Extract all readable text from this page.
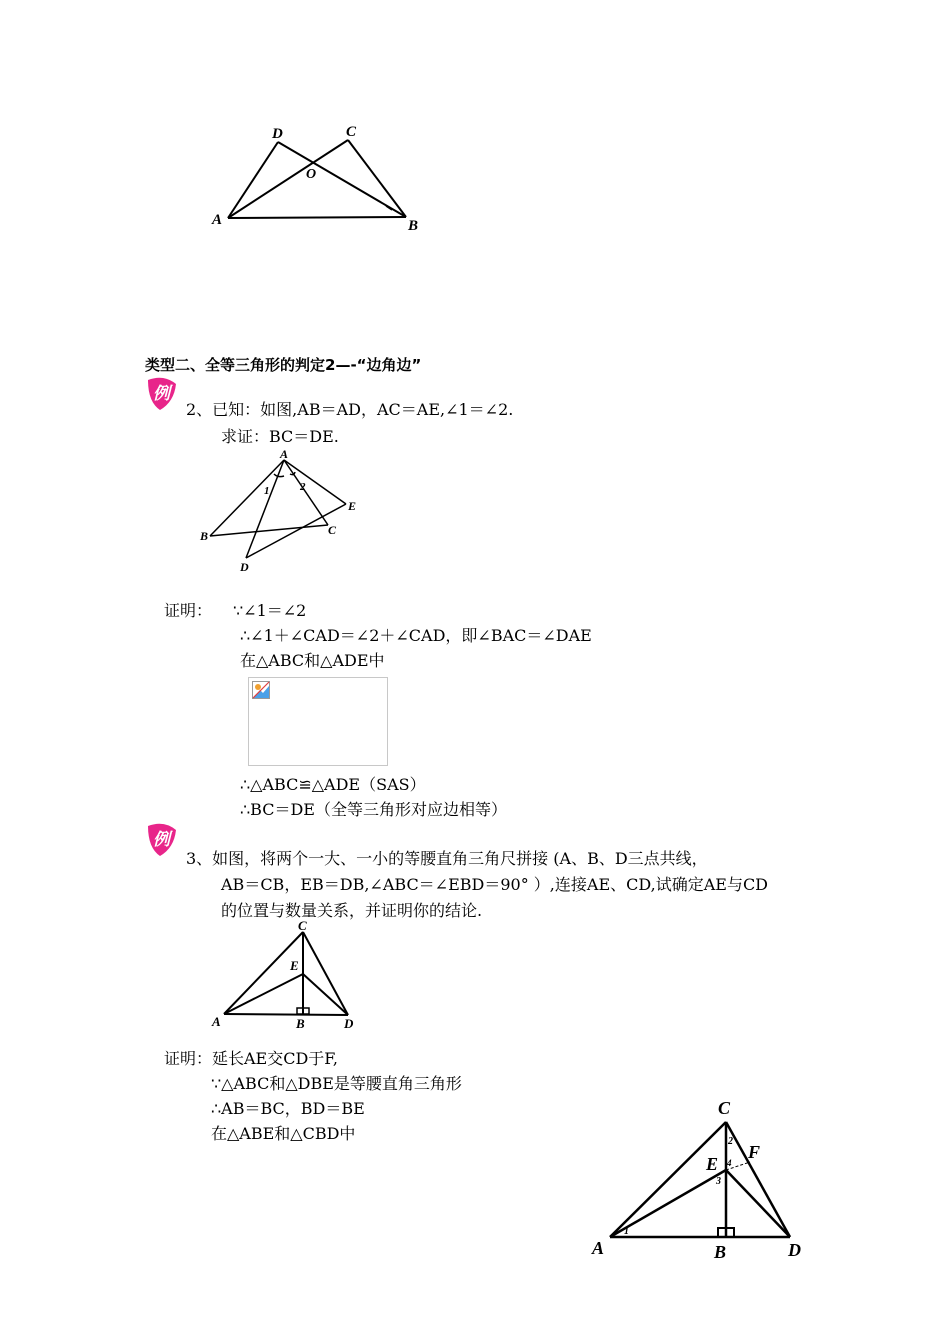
A	B
C
D
O
类型二、全等三角形的判定2—-“边角边”
例
2、已知：如图,AB＝AD，AC＝AE,∠1＝∠2.
求证：BC＝DE.
A
B	C
D
E
1	2
证明： ∵∠1＝∠2
∴∠1＋∠CAD＝∠2＋∠CAD，即∠BAC＝∠DAE
在△ABC和△ADE中
∴△ABC≌△ADE（SAS）
∴BC＝DE（全等三角形对应边相等）
例
3、如图，将两个一大、一小的等腰直角三角尺拼接 (A、B、D三点共线，
AB＝CB，EB＝DB,∠ABC＝∠EBD＝90° ）,连接AE、CD,试确定AE与CD
的位置与数量关系，并证明你的结论.
C
E
A	B	D
证明：延长AE交CD于F,
∵△ABC和△DBE是等腰直角三角形
∴AB＝BC，BD＝BE
在△ABE和△CBD中
C
E
F
A	B	D
1
2
3
4
